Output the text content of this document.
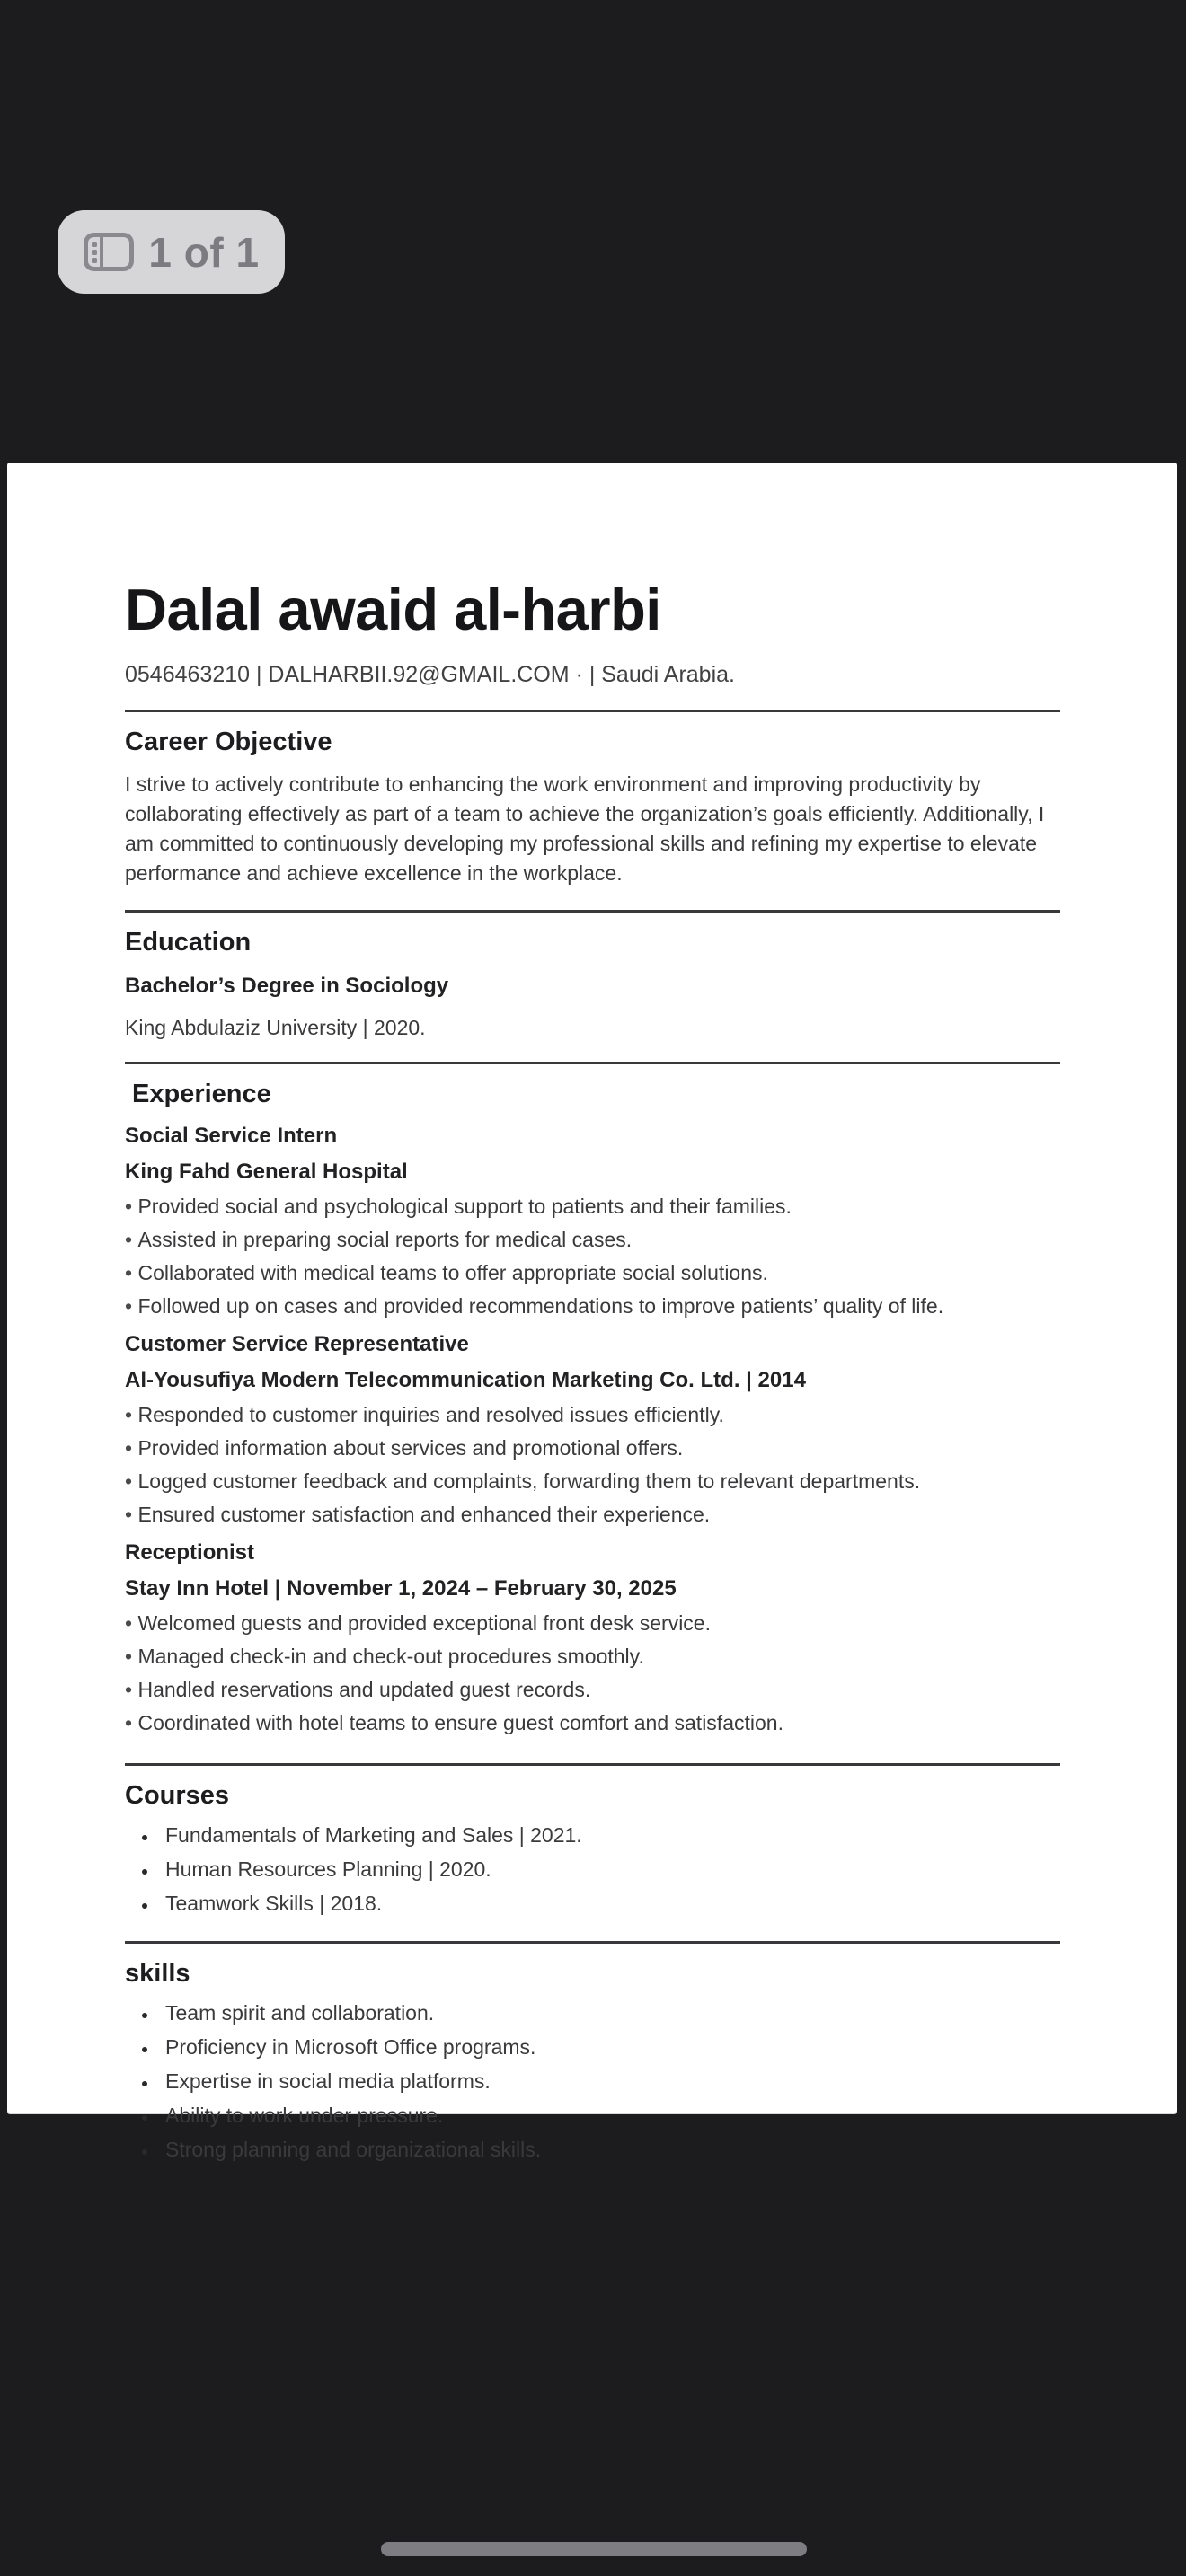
1 of 1
Dalal awaid al-harbi
0546463210 | DALHARBII.92@GMAIL.COM · | Saudi Arabia.
Career Objective

I strive to actively contribute to enhancing the work environment and improving productivity by collaborating effectively as part of a team to achieve the organization’s goals efficiently. Additionally, I am committed to continuously developing my professional skills and refining my expertise to elevate performance and achieve excellence in the workplace.

Education
Bachelor’s Degree in Sociology
King Abdulaziz University | 2020.
Experience
Social Service Intern
King Fahd General Hospital
• Provided social and psychological support to patients and their families.
• Assisted in preparing social reports for medical cases.
• Collaborated with medical teams to offer appropriate social solutions.
• Followed up on cases and provided recommendations to improve patients’ quality of life.
Customer Service Representative
Al-Yousufiya Modern Telecommunication Marketing Co. Ltd. | 2014
• Responded to customer inquiries and resolved issues efficiently.
• Provided information about services and promotional offers.
• Logged customer feedback and complaints, forwarding them to relevant departments.
• Ensured customer satisfaction and enhanced their experience.
Receptionist
Stay Inn Hotel | November 1, 2024 – February 30, 2025
• Welcomed guests and provided exceptional front desk service.
• Managed check-in and check-out procedures smoothly.
• Handled reservations and updated guest records.
• Coordinated with hotel teams to ensure guest comfort and satisfaction.
Courses
• Fundamentals of Marketing and Sales | 2021.
• Human Resources Planning | 2020.
• Teamwork Skills | 2018.
skills
• Team spirit and collaboration.
• Proficiency in Microsoft Office programs.
• Expertise in social media platforms.
• Ability to work under pressure.
• Strong planning and organizational skills.
